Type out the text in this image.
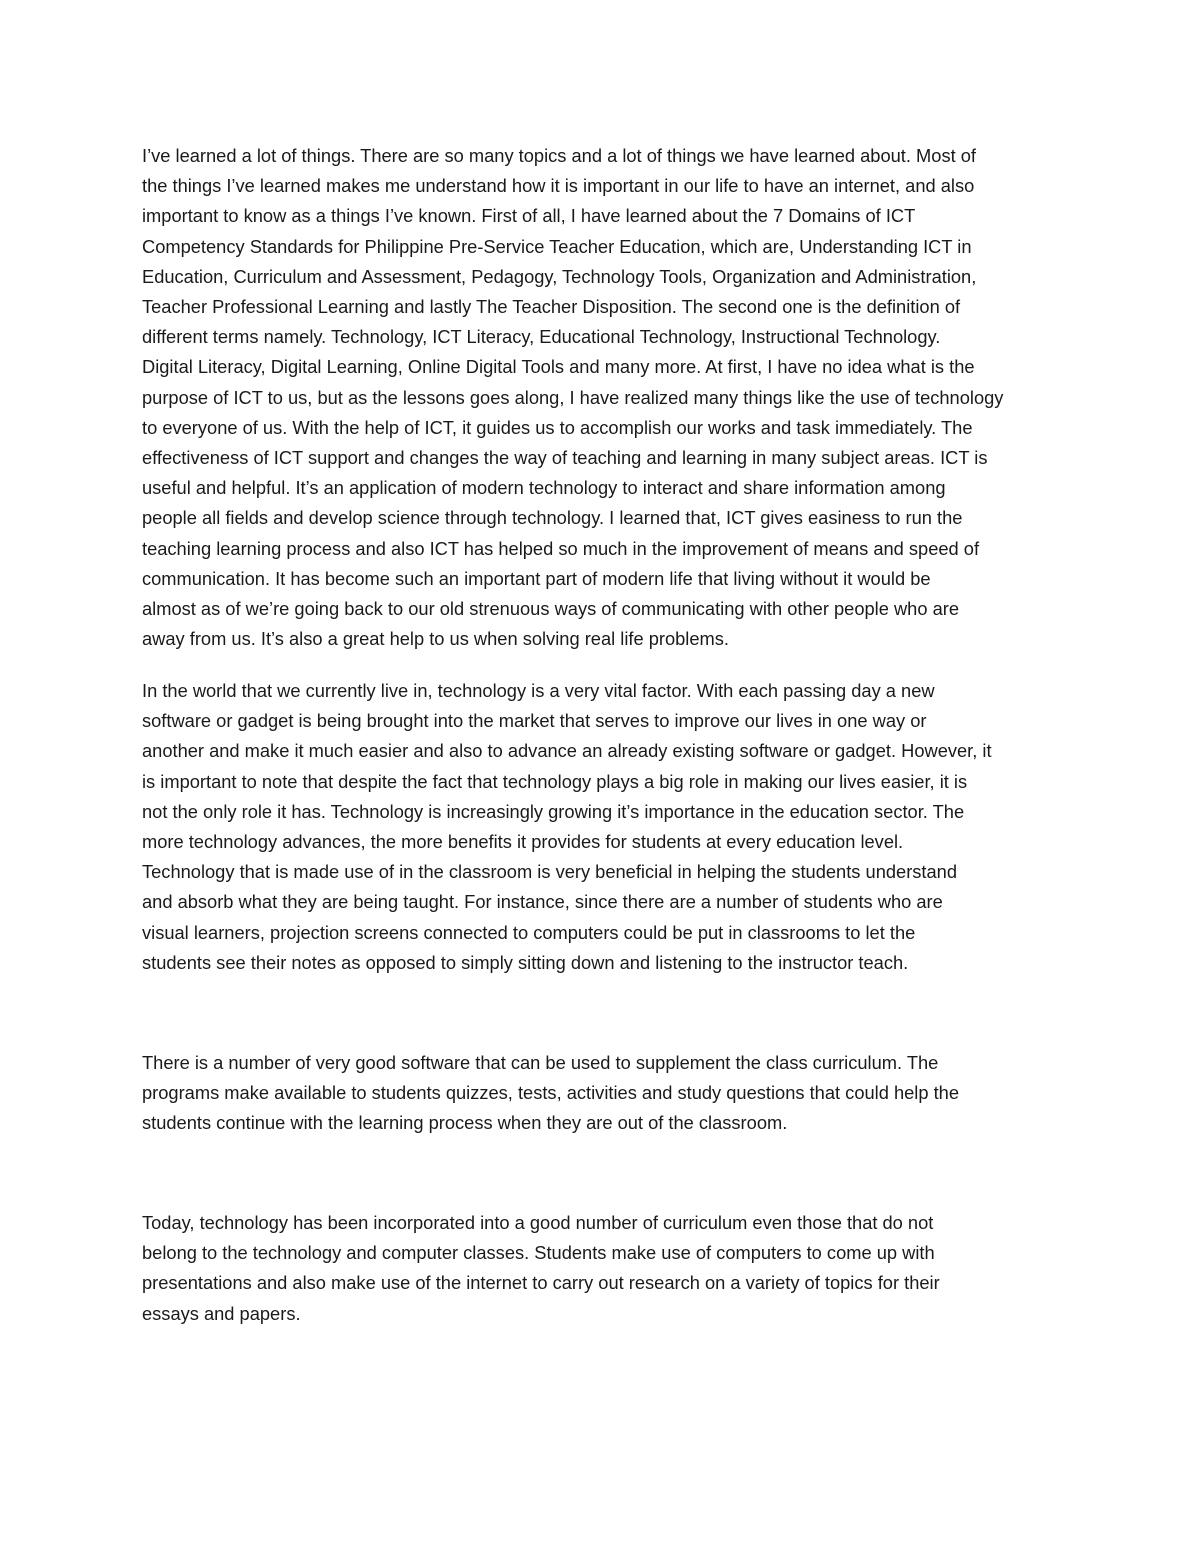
I’ve learned a lot of things. There are so many topics and a lot of things we have learned about. Most of
the things I’ve learned makes me understand how it is important in our life to have an internet, and also
important to know as a things I’ve known. First of all, I have learned about the 7 Domains of ICT
Competency Standards for Philippine Pre-Service Teacher Education, which are, Understanding ICT in
Education, Curriculum and Assessment, Pedagogy, Technology Tools, Organization and Administration,
Teacher Professional Learning and lastly The Teacher Disposition. The second one is the definition of
different terms namely. Technology, ICT Literacy, Educational Technology, Instructional Technology.
Digital Literacy, Digital Learning, Online Digital Tools and many more. At first, I have no idea what is the
purpose of ICT to us, but as the lessons goes along, I have realized many things like the use of technology
to everyone of us. With the help of ICT, it guides us to accomplish our works and task immediately. The
effectiveness of ICT support and changes the way of teaching and learning in many subject areas. ICT is
useful and helpful. It’s an application of modern technology to interact and share information among
people all fields and develop science through technology. I learned that, ICT gives easiness to run the
teaching learning process and also ICT has helped so much in the improvement of means and speed of
communication. It has become such an important part of modern life that living without it would be
almost as of we’re going back to our old strenuous ways of communicating with other people who are
away from us. It’s also a great help to us when solving real life problems.
In the world that we currently live in, technology is a very vital factor. With each passing day a new
software or gadget is being brought into the market that serves to improve our lives in one way or
another and make it much easier and also to advance an already existing software or gadget. However, it
is important to note that despite the fact that technology plays a big role in making our lives easier, it is
not the only role it has. Technology is increasingly growing it’s importance in the education sector. The
more technology advances, the more benefits it provides for students at every education level.
Technology that is made use of in the classroom is very beneficial in helping the students understand
and absorb what they are being taught. For instance, since there are a number of students who are
visual learners, projection screens connected to computers could be put in classrooms to let the
students see their notes as opposed to simply sitting down and listening to the instructor teach.
There is a number of very good software that can be used to supplement the class curriculum. The
programs make available to students quizzes, tests, activities and study questions that could help the
students continue with the learning process when they are out of the classroom.
Today, technology has been incorporated into a good number of curriculum even those that do not
belong to the technology and computer classes. Students make use of computers to come up with
presentations and also make use of the internet to carry out research on a variety of topics for their
essays and papers.
